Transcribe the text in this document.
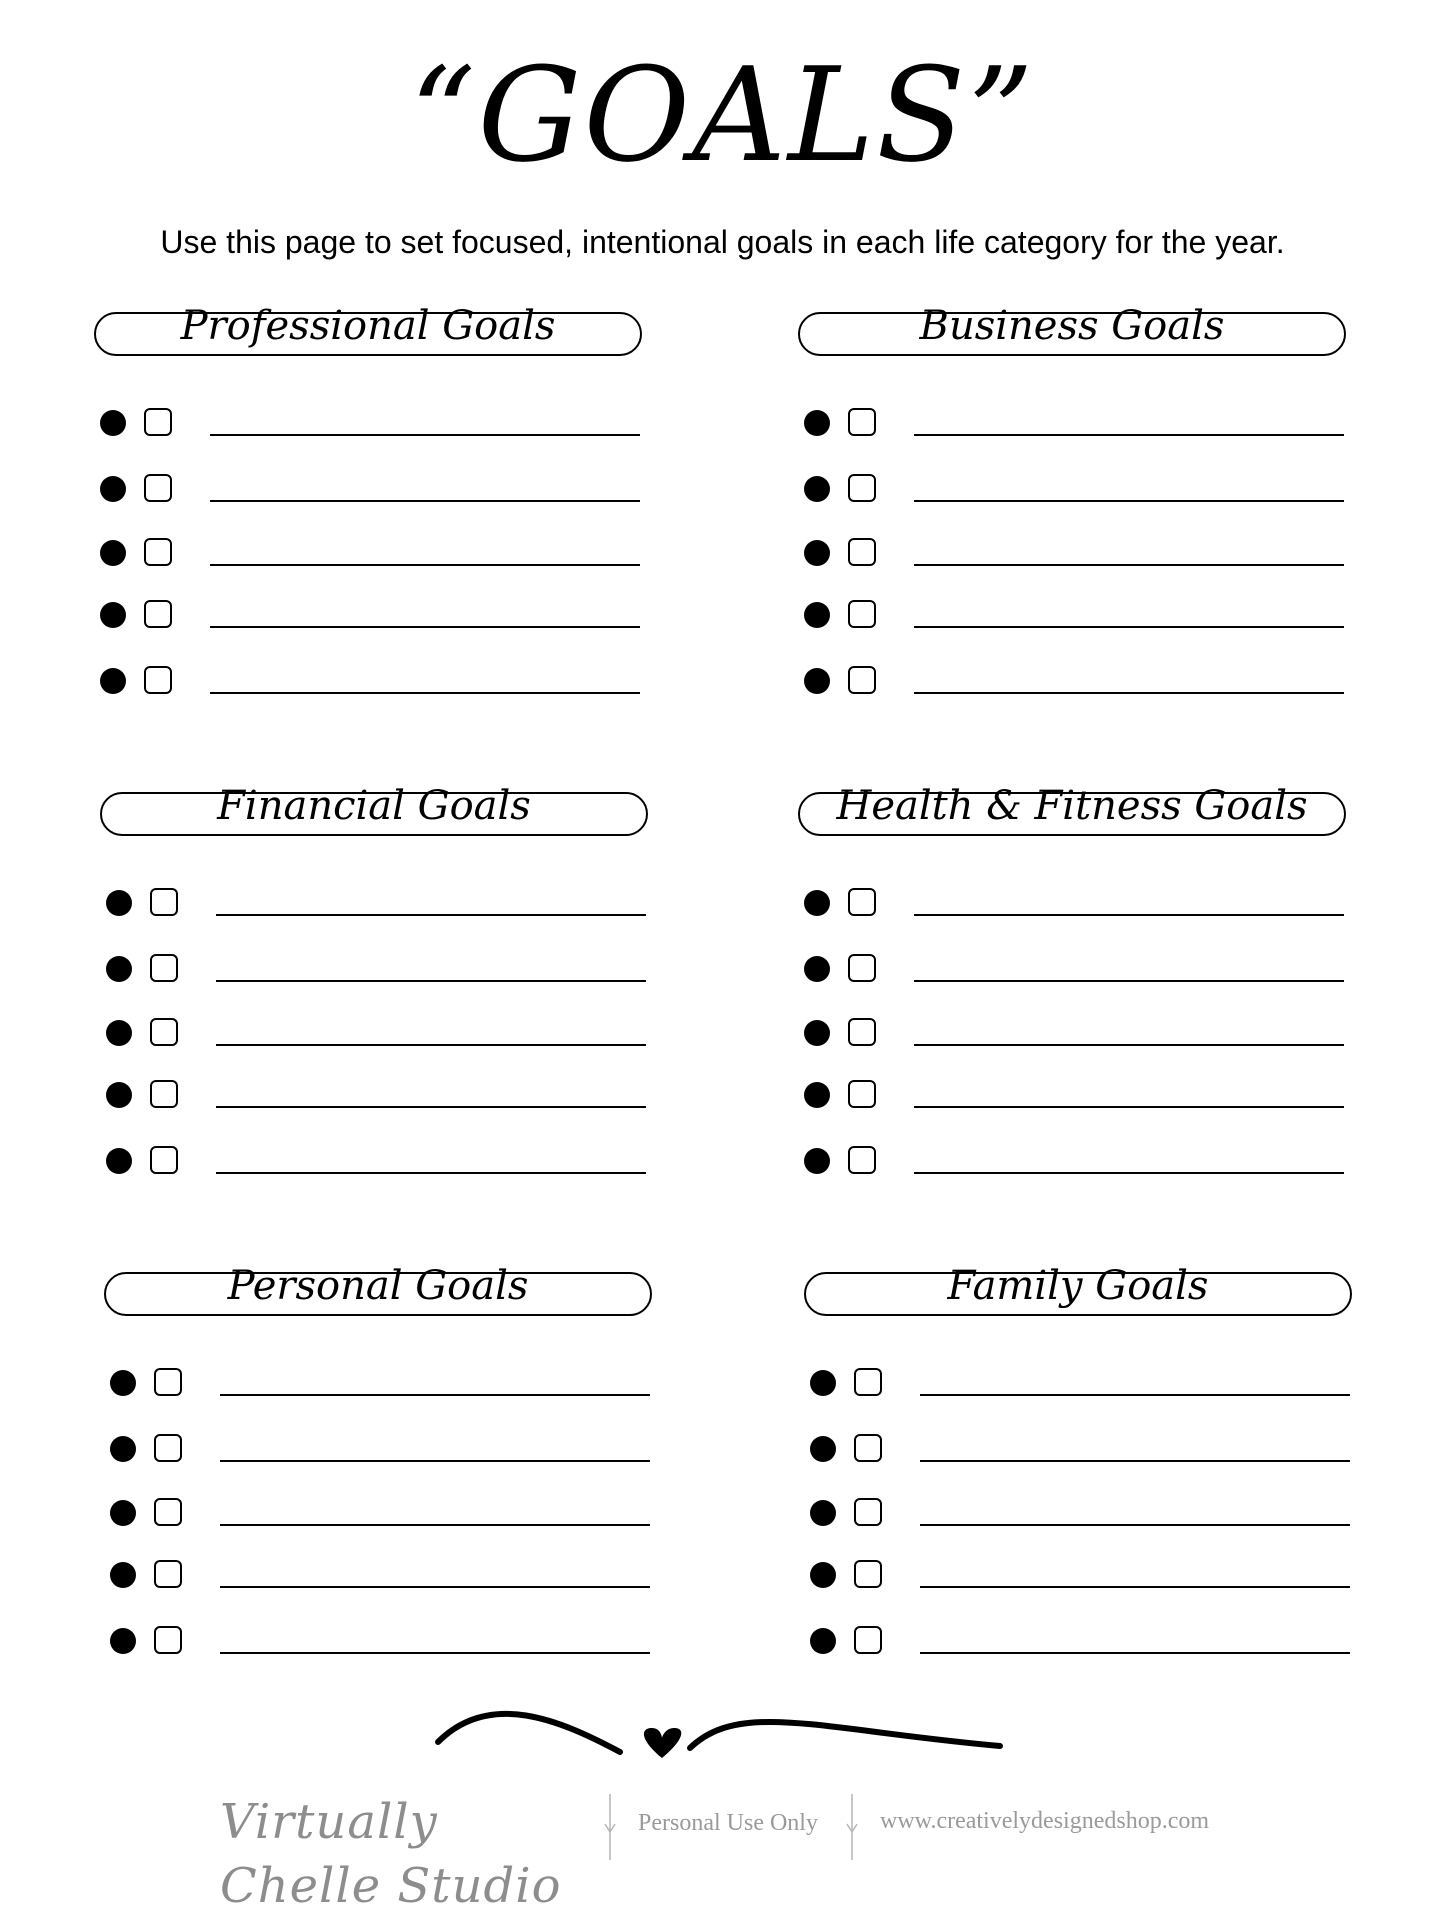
“GOALS”
Use this page to set focused, intentional goals in each life category for the year.
Professional Goals	Business Goals
Financial Goals	Health & Fitness Goals
Personal Goals	Family Goals
Virtually Chelle Studio
Personal Use Only	www.creativelydesignedshop.com
